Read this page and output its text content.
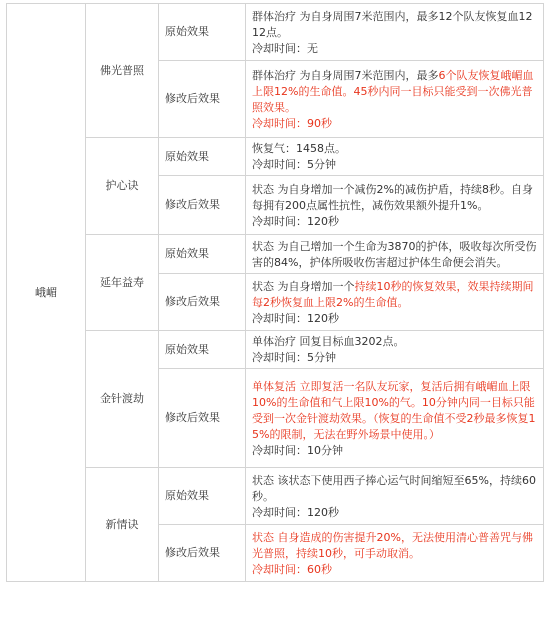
峨嵋	佛光普照	原始效果	群体治疗 为自身周围7米范围内，最多12个队友恢复血1212点。
冷却时间：无

		修改后效果	群体治疗 为自身周围7米范围内，最多6个队友恢复峨嵋血上限12%的生命值。45秒内同一目标只能受到一次佛光普照效果。
冷却时间：90秒

	护心诀	原始效果	恢复气：1458点。
冷却时间：5分钟

		修改后效果	状态 为自身增加一个减伤2%的减伤护盾，持续8秒。自身每拥有200点属性抗性，减伤效果额外提升1%。
冷却时间：120秒

	延年益寿	原始效果	状态 为自己增加一个生命为3870的护体，吸收每次所受伤害的84%，护体所吸收伤害超过护体生命便会消失。

		修改后效果	状态 为自身增加一个持续10秒的恢复效果，效果持续期间每2秒恢复血上限2%的生命值。
冷却时间：120秒

	金针渡劫	原始效果	单体治疗 回复目标血3202点。
冷却时间：5分钟

		修改后效果	单体复活 立即复活一名队友玩家，复活后拥有峨嵋血上限10%的生命值和气上限10%的气。10分钟内同一目标只能受到一次金针渡劫效果。（恢复的生命值不受2秒最多恢复15%的限制，无法在野外场景中使用。）
冷却时间：10分钟

	新情诀	原始效果	状态 该状态下使用西子捧心运气时间缩短至65%，持续60秒。
冷却时间：120秒

		修改后效果	状态 自身造成的伤害提升20%，无法使用清心普善咒与佛光普照，持续10秒，可手动取消。
冷却时间：60秒
